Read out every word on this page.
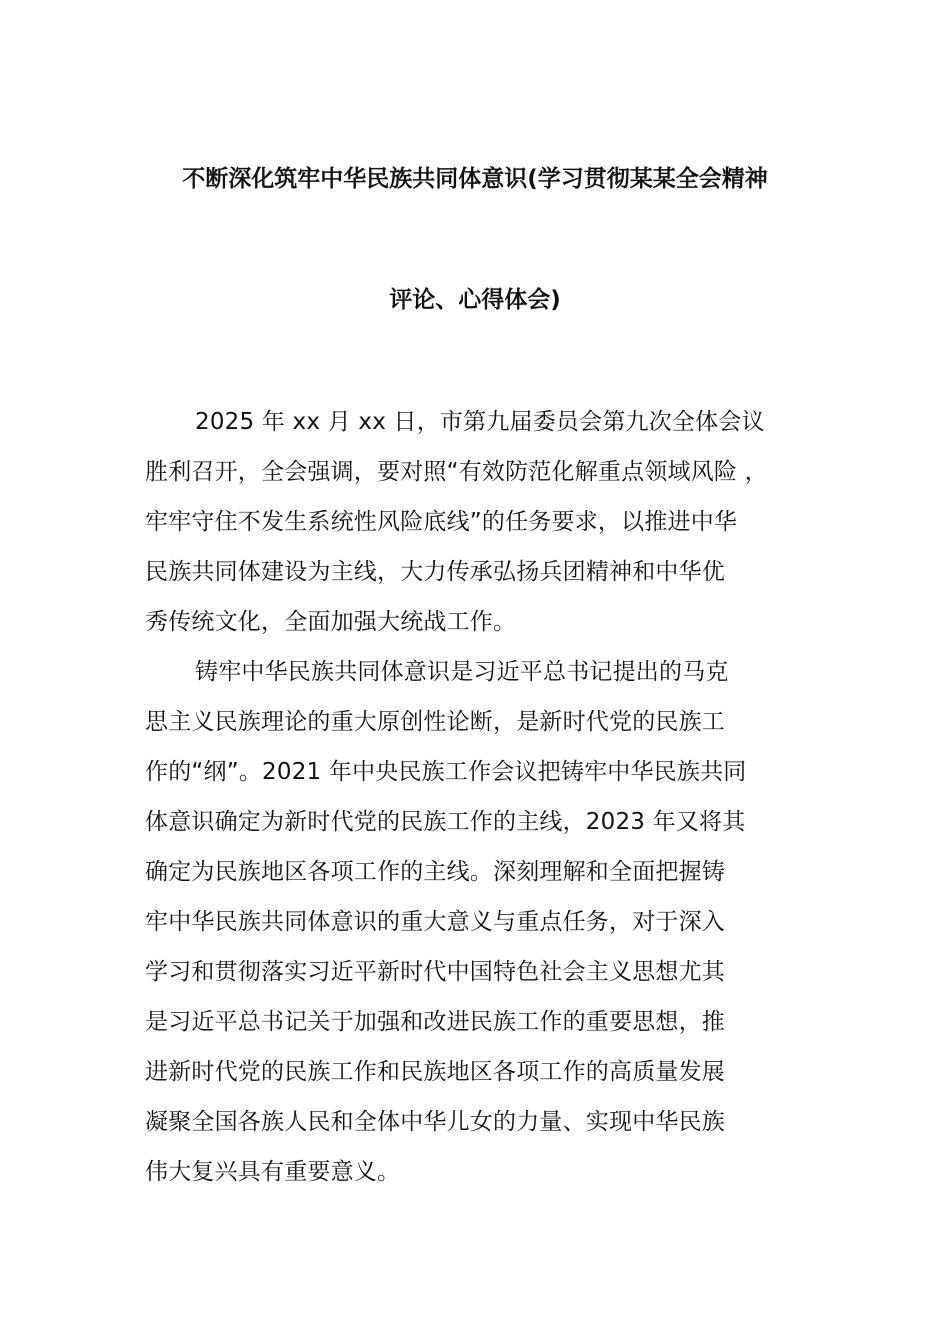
不断深化筑牢中华民族共同体意识(学习贯彻某某全会精神
评论、心得体会)
2025 年 xx 月 xx 日，市第九届委员会第九次全体会议
胜利召开，全会强调，要对照“有效防范化解重点领域风险 ，
牢牢守住不发生系统性风险底线”的任务要求，以推进中华
民族共同体建设为主线，大力传承弘扬兵团精神和中华优
秀传统文化，全面加强大统战工作。
铸牢中华民族共同体意识是习近平总书记提出的马克
思主义民族理论的重大原创性论断，是新时代党的民族工
作的“纲”。2021 年中央民族工作会议把铸牢中华民族共同
体意识确定为新时代党的民族工作的主线，2023 年又将其
确定为民族地区各项工作的主线。深刻理解和全面把握铸
牢中华民族共同体意识的重大意义与重点任务，对于深入
学习和贯彻落实习近平新时代中国特色社会主义思想尤其
是习近平总书记关于加强和改进民族工作的重要思想，推
进新时代党的民族工作和民族地区各项工作的高质量发展
凝聚全国各族人民和全体中华儿女的力量、实现中华民族
伟大复兴具有重要意义。
